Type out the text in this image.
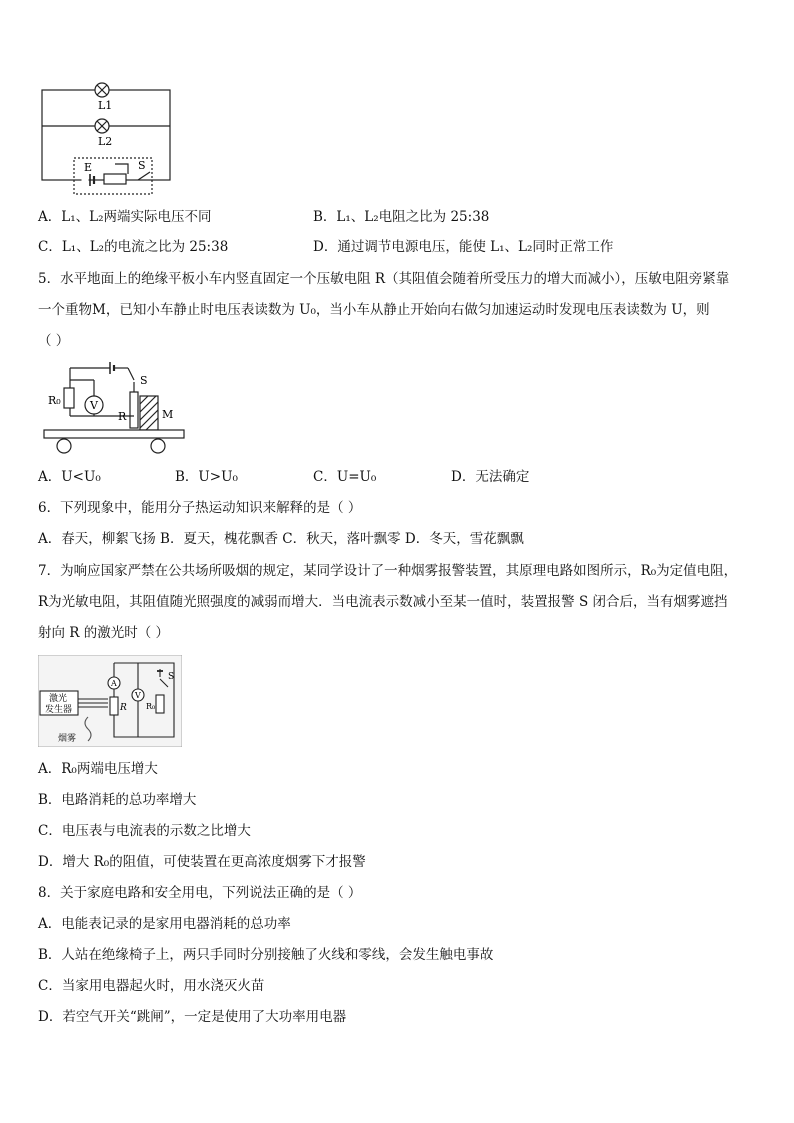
L1
L2
E	S
A．L₁、L₂两端实际电压不同	B．L₁、L₂电阻之比为 25:38
C．L₁、L₂的电流之比为 25:38	D．通过调节电源电压，能使 L₁、L₂同时正常工作
5．水平地面上的绝缘平板小车内竖直固定一个压敏电阻 R（其阻值会随着所受压力的增大而减小），压敏电阻旁紧靠
一个重物M，已知小车静止时电压表读数为 U₀，当小车从静止开始向右做匀加速运动时发现电压表读数为 U，则
（ ）
R₀	V
R	M
S
A．U<U₀	B．U>U₀	C．U=U₀	D．无法确定
6．下列现象中，能用分子热运动知识来解释的是（ ）
A．春天，柳絮飞扬 B．夏天，槐花飘香 C．秋天，落叶飘零 D．冬天，雪花飘飘
7．为响应国家严禁在公共场所吸烟的规定，某同学设计了一种烟雾报警装置，其原理电路如图所示，R₀为定值电阻，
R为光敏电阻，其阻值随光照强度的减弱而增大．当电流表示数减小至某一值时，装置报警 S 闭合后，当有烟雾遮挡
射向 R 的激光时（ ）
激光
发生器
A
V
R R₀
S
烟雾
A．R₀两端电压增大
B．电路消耗的总功率增大
C．电压表与电流表的示数之比增大
D．增大 R₀的阻值，可使装置在更高浓度烟雾下才报警
8．关于家庭电路和安全用电，下列说法正确的是（ ）
A．电能表记录的是家用电器消耗的总功率
B．人站在绝缘椅子上，两只手同时分别接触了火线和零线，会发生触电事故
C．当家用电器起火时，用水浇灭火苗
D．若空气开关“跳闸”，一定是使用了大功率用电器
